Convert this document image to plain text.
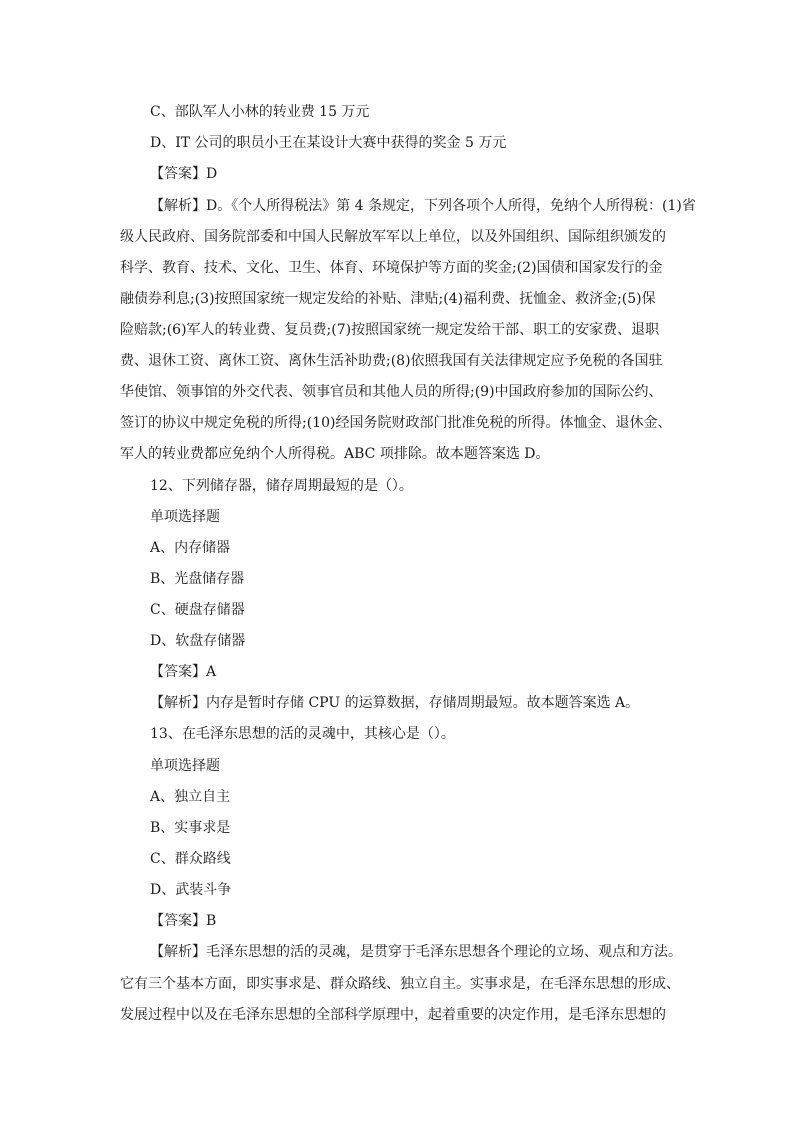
C、部队军人小林的转业费 15 万元
D、IT 公司的职员小王在某设计大赛中获得的奖金 5 万元
【答案】D
【解析】D。《个人所得税法》第 4 条规定，下列各项个人所得，免纳个人所得税：(1)省
级人民政府、国务院部委和中国人民解放军军以上单位，以及外国组织、国际组织颁发的
科学、教育、技术、文化、卫生、体育、环境保护等方面的奖金;(2)国债和国家发行的金
融债券利息;(3)按照国家统一规定发给的补贴、津贴;(4)福利费、抚恤金、救济金;(5)保
险赔款;(6)军人的转业费、复员费;(7)按照国家统一规定发给干部、职工的安家费、退职
费、退休工资、离休工资、离休生活补助费;(8)依照我国有关法律规定应予免税的各国驻
华使馆、领事馆的外交代表、领事官员和其他人员的所得;(9)中国政府参加的国际公约、
签订的协议中规定免税的所得;(10)经国务院财政部门批准免税的所得。体恤金、退休金、
军人的转业费都应免纳个人所得税。ABC 项排除。故本题答案选 D。
12、下列储存器，储存周期最短的是（）。
单项选择题
A、内存储器
B、光盘储存器
C、硬盘存储器
D、软盘存储器
【答案】A
【解析】内存是暂时存储 CPU 的运算数据，存储周期最短。故本题答案选 A。
13、在毛泽东思想的活的灵魂中，其核心是（）。
单项选择题
A、独立自主
B、实事求是
C、群众路线
D、武装斗争
【答案】B
【解析】毛泽东思想的活的灵魂，是贯穿于毛泽东思想各个理论的立场、观点和方法。
它有三个基本方面，即实事求是、群众路线、独立自主。实事求是，在毛泽东思想的形成、
发展过程中以及在毛泽东思想的全部科学原理中，起着重要的决定作用，是毛泽东思想的
